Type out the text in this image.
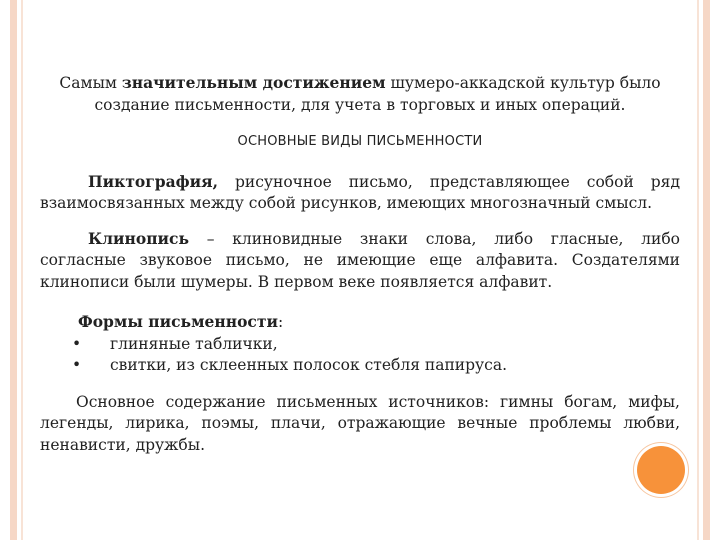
Самым значительным достижением шумеро-аккадской культур было создание письменности, для учета в торговых и иных операций.

ОСНОВНЫЕ ВИДЫ ПИСЬМЕННОСТИ

Пиктография, рисуночное письмо, представляющее собой ряд взаимосвязанных между собой рисунков, имеющих многозначный смысл.

Клинопись – клиновидные знаки слова, либо гласные, либо согласные звуковое письмо, не имеющие еще алфавита. Создателями клинописи были шумеры. В первом веке появляется алфавит.

Формы письменности:

•	глиняные таблички,
•	свитки, из склеенных полосок стебля папируса.

Основное содержание письменных источников: гимны богам, мифы, легенды, лирика, поэмы, плачи, отражающие вечные проблемы любви, ненависти, дружбы.
